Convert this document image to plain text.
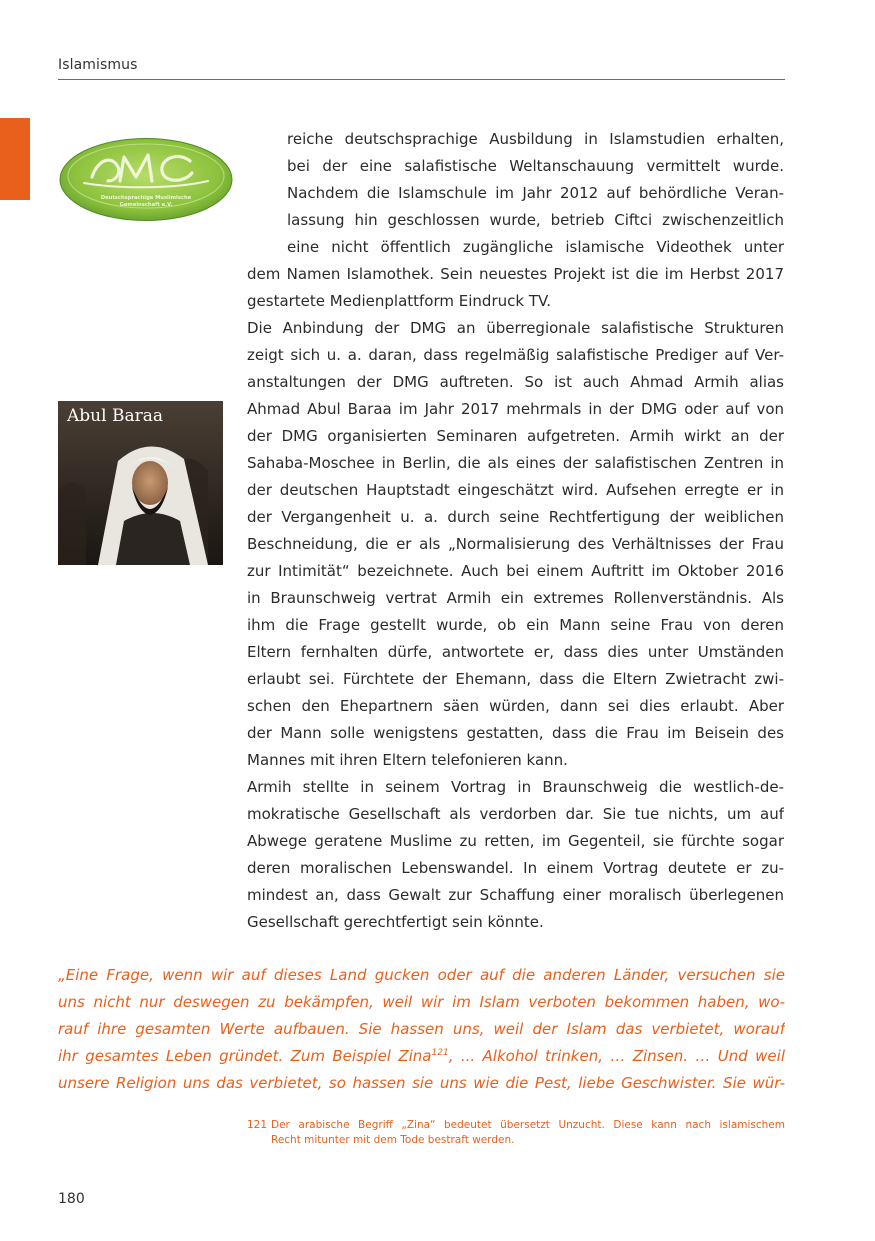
Islamismus
Deutschsprachige Muslimische
Gemeinschaft e.V.
Abul Baraa
reiche deutschsprachige Ausbildung in Islamstudien erhalten,
bei der eine salafistische Weltanschauung vermittelt wurde.
Nachdem die Islamschule im Jahr 2012 auf behördliche Veran-
lassung hin geschlossen wurde, betrieb Ciftci zwischenzeitlich
eine nicht öffentlich zugängliche islamische Videothek unter
dem Namen Islamothek. Sein neuestes Projekt ist die im Herbst 2017
gestartete Medienplattform Eindruck TV.
Die Anbindung der DMG an überregionale salafistische Strukturen
zeigt sich u. a. daran, dass regelmäßig salafistische Prediger auf Ver-
anstaltungen der DMG auftreten. So ist auch Ahmad Armih alias
Ahmad Abul Baraa im Jahr 2017 mehrmals in der DMG oder auf von
der DMG organisierten Seminaren aufgetreten. Armih wirkt an der
Sahaba-Moschee in Berlin, die als eines der salafistischen Zentren in
der deutschen Hauptstadt eingeschätzt wird. Aufsehen erregte er in
der Vergangenheit u. a. durch seine Rechtfertigung der weiblichen
Beschneidung, die er als „Normalisierung des Verhältnisses der Frau
zur Intimität“ bezeichnete. Auch bei einem Auftritt im Oktober 2016
in Braunschweig vertrat Armih ein extremes Rollenverständnis. Als
ihm die Frage gestellt wurde, ob ein Mann seine Frau von deren
Eltern fernhalten dürfe, antwortete er, dass dies unter Umständen
erlaubt sei. Fürchtete der Ehemann, dass die Eltern Zwietracht zwi-
schen den Ehepartnern säen würden, dann sei dies erlaubt. Aber
der Mann solle wenigstens gestatten, dass die Frau im Beisein des
Mannes mit ihren Eltern telefonieren kann.
Armih stellte in seinem Vortrag in Braunschweig die westlich-de-
mokratische Gesellschaft als verdorben dar. Sie tue nichts, um auf
Abwege geratene Muslime zu retten, im Gegenteil, sie fürchte sogar
deren moralischen Lebenswandel. In einem Vortrag deutete er zu-
mindest an, dass Gewalt zur Schaffung einer moralisch überlegenen
Gesellschaft gerechtfertigt sein könnte.
„Eine Frage, wenn wir auf dieses Land gucken oder auf die anderen Länder, versuchen sie
uns nicht nur deswegen zu bekämpfen, weil wir im Islam verboten bekommen haben, wo-
rauf ihre gesamten Werte aufbauen. Sie hassen uns, weil der Islam das verbietet, worauf
ihr gesamtes Leben gründet. Zum Beispiel Zina$^{121}$, ... Alkohol trinken, … Zinsen. … Und weil
unsere Religion uns das verbietet, so hassen sie uns wie die Pest, liebe Geschwister. Sie wür-
121 Der arabische Begriff „Zina“ bedeutet übersetzt Unzucht. Diese kann nach islamischem
Recht mitunter mit dem Tode bestraft werden.
180
